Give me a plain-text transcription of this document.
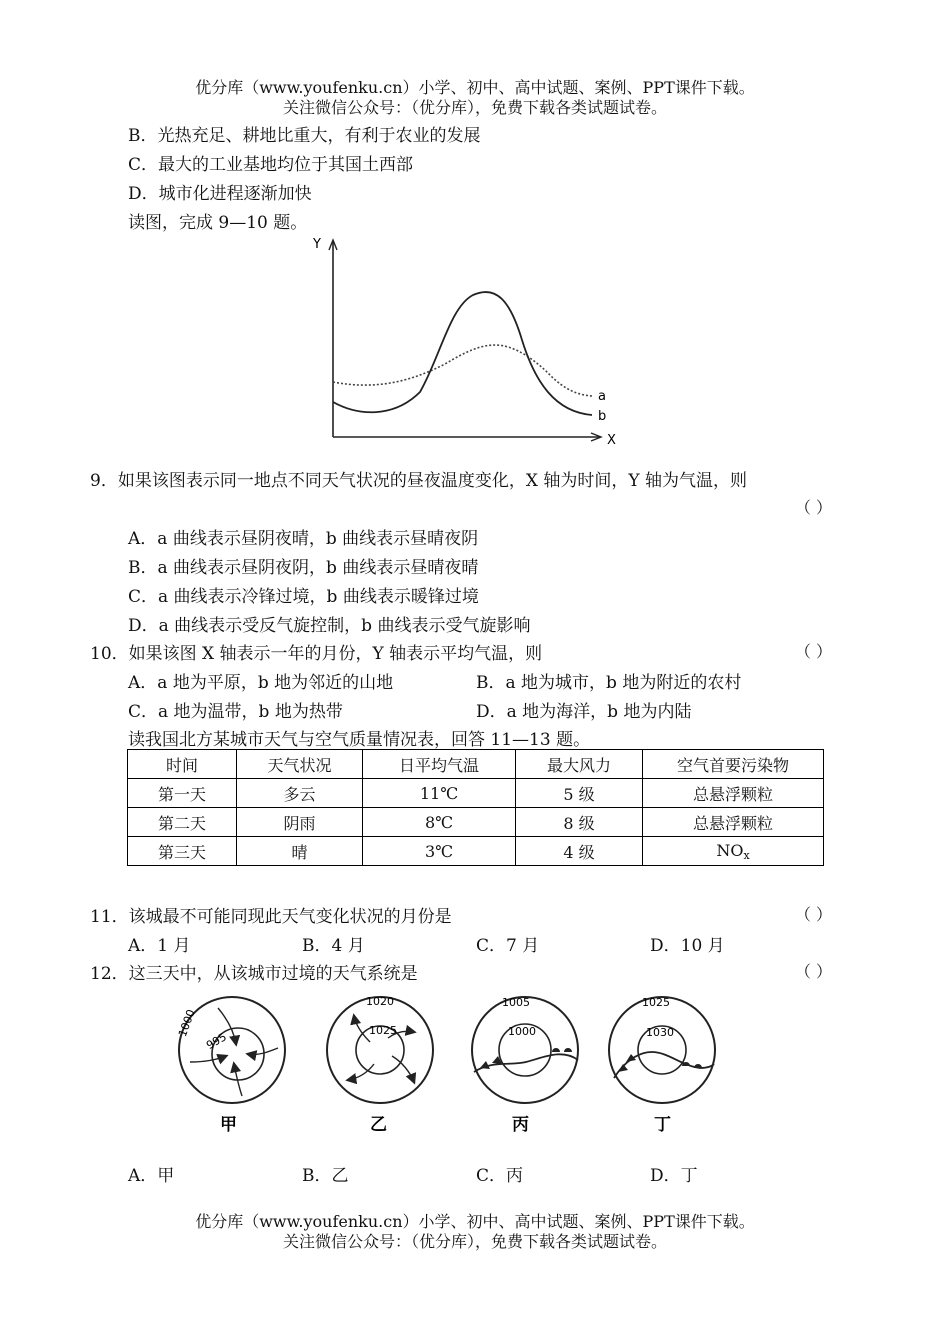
优分库（www.youfenku.cn）小学、初中、高中试题、案例、PPT课件下载。
关注微信公众号：（优分库），免费下载各类试题试卷。
B．光热充足、耕地比重大，有利于农业的发展
C．最大的工业基地均位于其国土西部
D．城市化进程逐渐加快
读图，完成 9—10 题。
Y
X
a
b
9．如果该图表示同一地点不同天气状况的昼夜温度变化，X 轴为时间，Y 轴为气温，则
（ ）
A．a 曲线表示昼阴夜晴，b 曲线表示昼晴夜阴
B．a 曲线表示昼阴夜阴，b 曲线表示昼晴夜晴
C．a 曲线表示冷锋过境，b 曲线表示暖锋过境
D．a 曲线表示受反气旋控制，b 曲线表示受气旋影响
10．如果该图 X 轴表示一年的月份，Y 轴表示平均气温，则	（ ）
A．a 地为平原，b 地为邻近的山地	B．a 地为城市，b 地为附近的农村
C．a 地为温带，b 地为热带	D．a 地为海洋，b 地为内陆
读我国北方某城市天气与空气质量情况表，回答 11—13 题。
时间	天气状况	日平均气温	最大风力	空气首要污染物
第一天	多云	11℃	5 级	总悬浮颗粒
第二天	阴雨	8℃	8 级	总悬浮颗粒
第三天	晴	3℃	4 级	$NO_x$
11．该城最不可能同现此天气变化状况的月份是	（ ）
A．1 月	B．4 月	C．7 月	D．10 月
12．这三天中，从该城市过境的天气系统是	（ ）
1000
995
甲
1020
1025
乙
1005
1000
丙
1025
1030
丁
A．甲	B．乙	C．丙	D．丁
优分库（www.youfenku.cn）小学、初中、高中试题、案例、PPT课件下载。
关注微信公众号：（优分库），免费下载各类试题试卷。
